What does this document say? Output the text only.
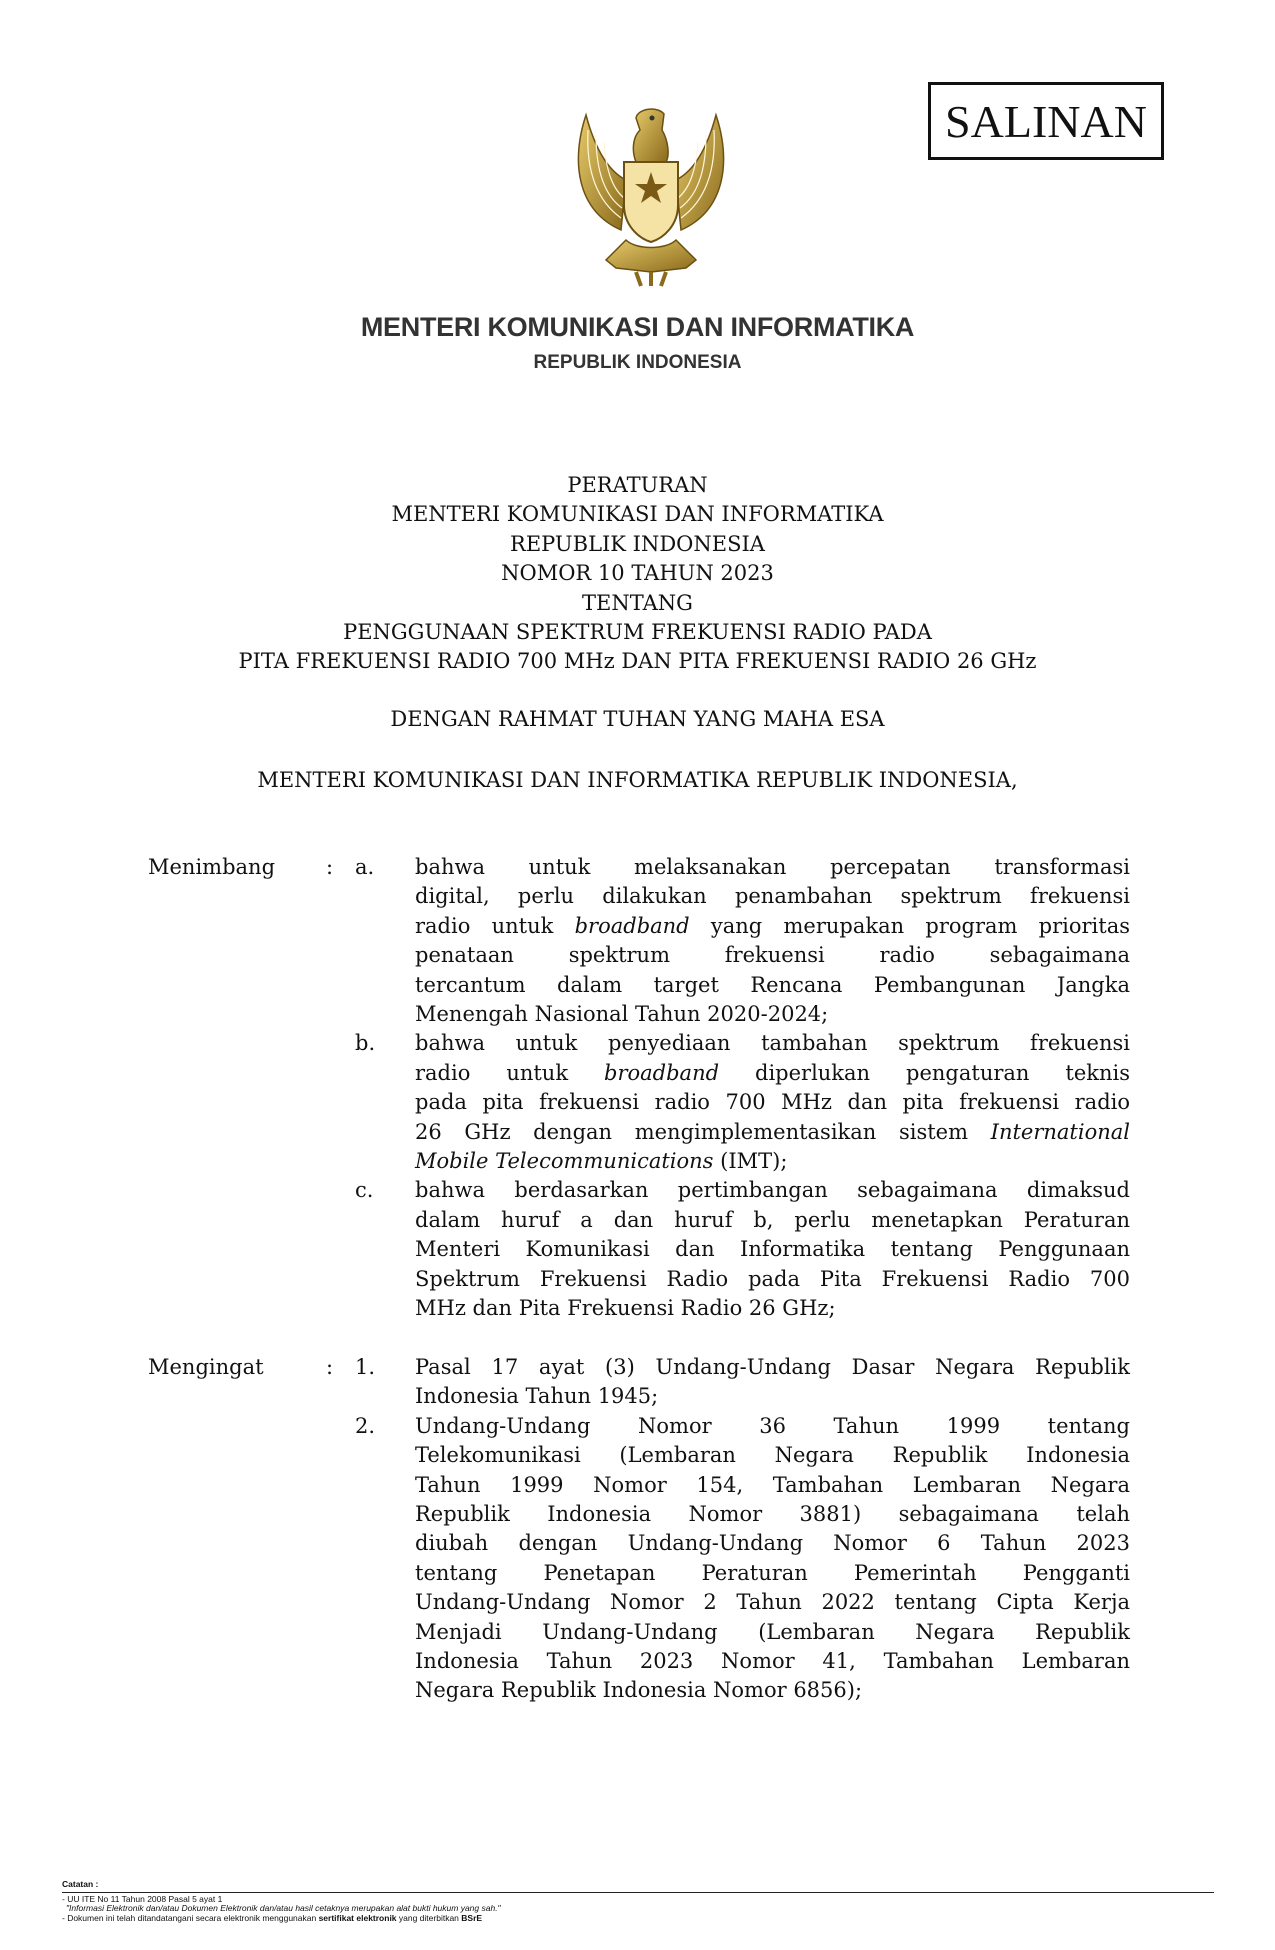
SALINAN
MENTERI KOMUNIKASI DAN INFORMATIKA
REPUBLIK INDONESIA
PERATURAN
MENTERI KOMUNIKASI DAN INFORMATIKA
REPUBLIK INDONESIA
NOMOR 10 TAHUN 2023
TENTANG
PENGGUNAAN SPEKTRUM FREKUENSI RADIO PADA
PITA FREKUENSI RADIO 700 MHz DAN PITA FREKUENSI RADIO 26 GHz
DENGAN RAHMAT TUHAN YANG MAHA ESA
MENTERI KOMUNIKASI DAN INFORMATIKA REPUBLIK INDONESIA,
Menimbang : a. bahwa untuk melaksanakan percepatan transformasi
digital, perlu dilakukan penambahan spektrum frekuensi
radio untuk broadband yang merupakan program prioritas
penataan spektrum frekuensi radio sebagaimana
tercantum dalam target Rencana Pembangunan Jangka
Menengah Nasional Tahun 2020-2024;
b. bahwa untuk penyediaan tambahan spektrum frekuensi
radio untuk broadband diperlukan pengaturan teknis
pada pita frekuensi radio 700 MHz dan pita frekuensi radio
26 GHz dengan mengimplementasikan sistem International
Mobile Telecommunications (IMT);
c. bahwa berdasarkan pertimbangan sebagaimana dimaksud
dalam huruf a dan huruf b, perlu menetapkan Peraturan
Menteri Komunikasi dan Informatika tentang Penggunaan
Spektrum Frekuensi Radio pada Pita Frekuensi Radio 700
MHz dan Pita Frekuensi Radio 26 GHz;
Mengingat	: 1. Pasal 17 ayat (3) Undang-Undang Dasar Negara Republik
Indonesia Tahun 1945;
2. Undang-Undang Nomor 36 Tahun 1999 tentang
Telekomunikasi (Lembaran Negara Republik Indonesia
Tahun 1999 Nomor 154, Tambahan Lembaran Negara
Republik Indonesia Nomor 3881) sebagaimana telah
diubah dengan Undang-Undang Nomor 6 Tahun 2023
tentang Penetapan Peraturan Pemerintah Pengganti
Undang-Undang Nomor 2 Tahun 2022 tentang Cipta Kerja
Menjadi Undang-Undang (Lembaran Negara Republik
Indonesia Tahun 2023 Nomor 41, Tambahan Lembaran
Negara Republik Indonesia Nomor 6856);
Catatan :
- UU ITE No 11 Tahun 2008 Pasal 5 ayat 1
"Informasi Elektronik dan/atau Dokumen Elektronik dan/atau hasil cetaknya merupakan alat bukti hukum yang sah."
- Dokumen ini telah ditandatangani secara elektronik menggunakan sertifikat elektronik yang diterbitkan BSrE
